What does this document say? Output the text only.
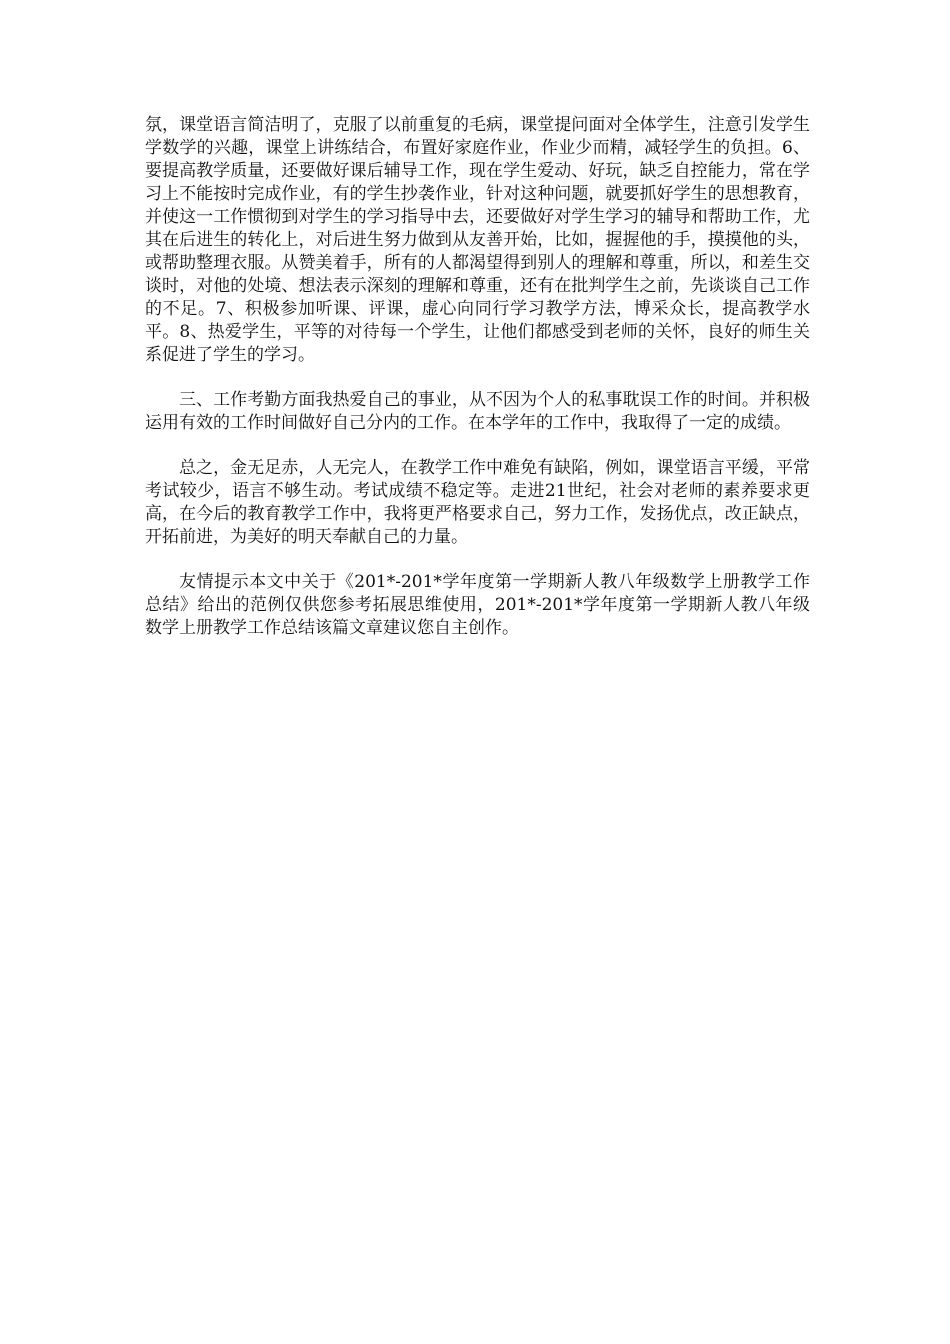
氛，课堂语言简洁明了，克服了以前重复的毛病，课堂提问面对全体学生，注意引发学生学数学的兴趣，课堂上讲练结合，布置好家庭作业，作业少而精，减轻学生的负担。6、要提高教学质量，还要做好课后辅导工作，现在学生爱动、好玩，缺乏自控能力，常在学习上不能按时完成作业，有的学生抄袭作业，针对这种问题，就要抓好学生的思想教育，并使这一工作惯彻到对学生的学习指导中去，还要做好对学生学习的辅导和帮助工作，尤其在后进生的转化上，对后进生努力做到从友善开始，比如，握握他的手，摸摸他的头，或帮助整理衣服。从赞美着手，所有的人都渴望得到别人的理解和尊重，所以，和差生交谈时，对他的处境、想法表示深刻的理解和尊重，还有在批判学生之前，先谈谈自己工作的不足。7、积极参加听课、评课，虚心向同行学习教学方法，博采众长，提高教学水平。8、热爱学生，平等的对待每一个学生，让他们都感受到老师的关怀，良好的师生关系促进了学生的学习。

三、工作考勤方面我热爱自己的事业，从不因为个人的私事耽误工作的时间。并积极运用有效的工作时间做好自己分内的工作。在本学年的工作中，我取得了一定的成绩。

总之，金无足赤，人无完人，在教学工作中难免有缺陷，例如，课堂语言平缓，平常考试较少，语言不够生动。考试成绩不稳定等。走进21世纪，社会对老师的素养要求更高，在今后的教育教学工作中，我将更严格要求自己，努力工作，发扬优点，改正缺点，开拓前进，为美好的明天奉献自己的力量。

友情提示本文中关于《201*-201*学年度第一学期新人教八年级数学上册教学工作总结》给出的范例仅供您参考拓展思维使用，201*-201*学年度第一学期新人教八年级数学上册教学工作总结该篇文章建议您自主创作。
